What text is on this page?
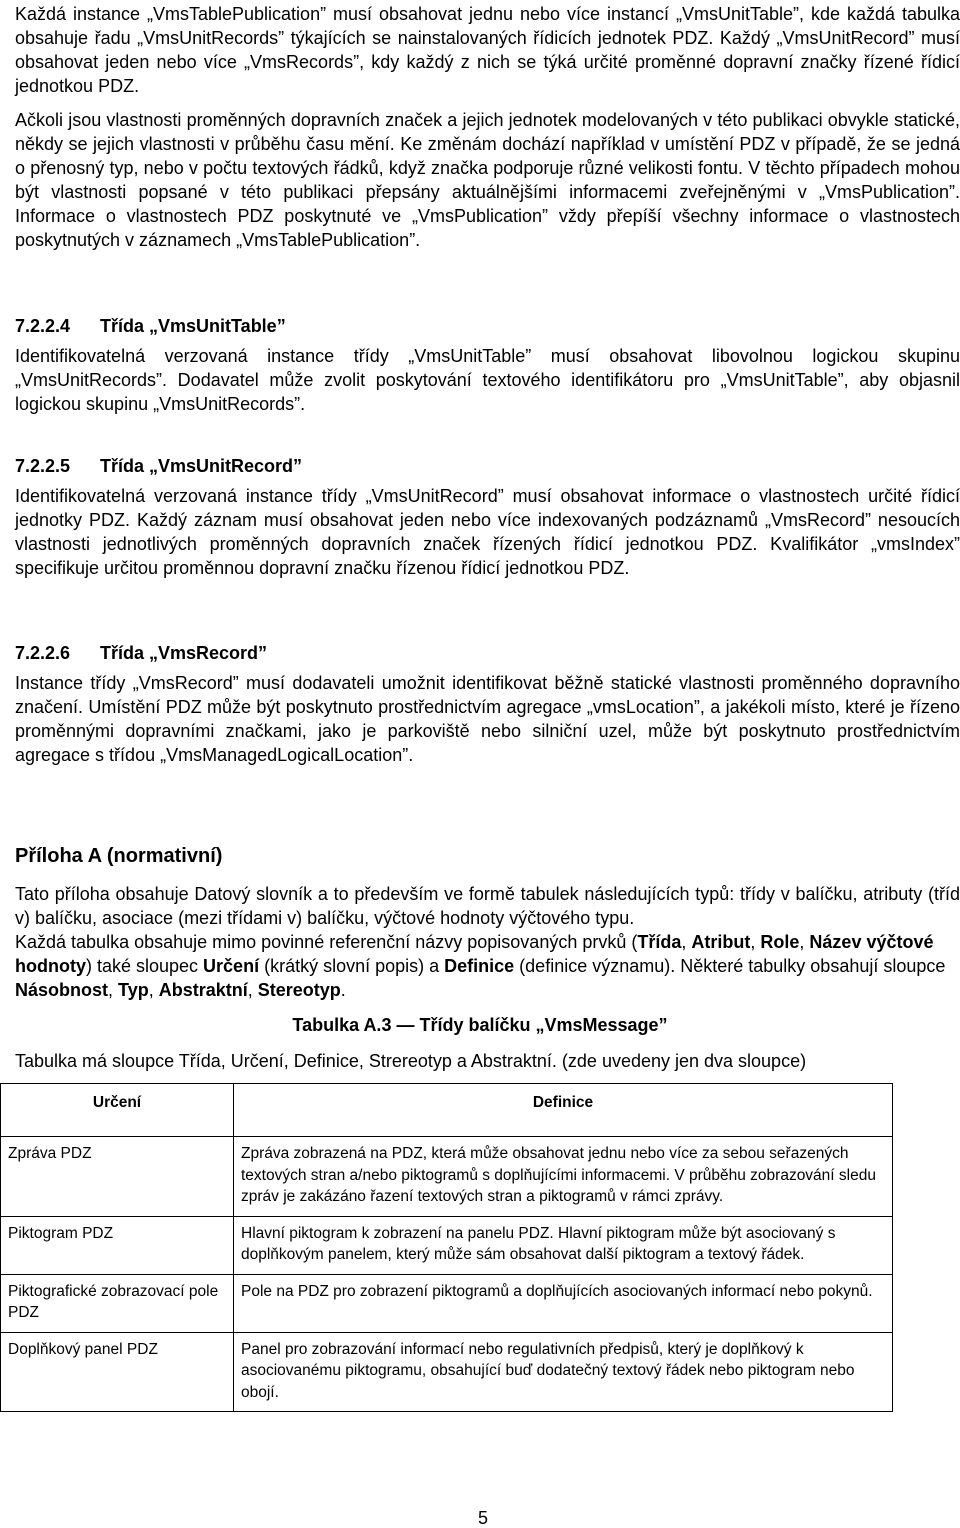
Každá instance „VmsTablePublication” musí obsahovat jednu nebo více instancí „VmsUnitTable”, kde každá tabulka obsahuje řadu „VmsUnitRecords” týkajících se nainstalovaných řídicích jednotek PDZ. Každý „VmsUnitRecord” musí obsahovat jeden nebo více „VmsRecords”, kdy každý z nich se týká určité proměnné dopravní značky řízené řídicí jednotkou PDZ.

Ačkoli jsou vlastnosti proměnných dopravních značek a jejich jednotek modelovaných v této publikaci obvykle statické, někdy se jejich vlastnosti v průběhu času mění. Ke změnám dochází například v umístění PDZ v případě, že se jedná o přenosný typ, nebo v počtu textových řádků, když značka podporuje různé velikosti fontu. V těchto případech mohou být vlastnosti popsané v této publikaci přepsány aktuálnějšími informacemi zveřejněnými v „VmsPublication”. Informace o vlastnostech PDZ poskytnuté ve „VmsPublication” vždy přepíší všechny informace o vlastnostech poskytnutých v záznamech „VmsTablePublication”.

7.2.2.4 Třída „VmsUnitTable”

Identifikovatelná verzovaná instance třídy „VmsUnitTable” musí obsahovat libovolnou logickou skupinu „VmsUnitRecords”. Dodavatel může zvolit poskytování textového identifikátoru pro „VmsUnitTable”, aby objasnil logickou skupinu „VmsUnitRecords”.

7.2.2.5 Třída „VmsUnitRecord”

Identifikovatelná verzovaná instance třídy „VmsUnitRecord” musí obsahovat informace o vlastnostech určité řídicí jednotky PDZ. Každý záznam musí obsahovat jeden nebo více indexovaných podzáznamů „VmsRecord” nesoucích vlastnosti jednotlivých proměnných dopravních značek řízených řídicí jednotkou PDZ. Kvalifikátor „vmsIndex” specifikuje určitou proměnnou dopravní značku řízenou řídicí jednotkou PDZ.

7.2.2.6 Třída „VmsRecord”

Instance třídy „VmsRecord” musí dodavateli umožnit identifikovat běžně statické vlastnosti proměnného dopravního značení. Umístění PDZ může být poskytnuto prostřednictvím agregace „vmsLocation”, a jakékoli místo, které je řízeno proměnnými dopravními značkami, jako je parkoviště nebo silniční uzel, může být poskytnuto prostřednictvím agregace s třídou „VmsManagedLogicalLocation”.

Příloha A (normativní)

Tato příloha obsahuje Datový slovník a to především ve formě tabulek následujících typů: třídy v balíčku, atributy (tříd v) balíčku, asociace (mezi třídami v) balíčku, výčtové hodnoty výčtového typu.

Každá tabulka obsahuje mimo povinné referenční názvy popisovaných prvků (Třída, Atribut, Role, Název výčtové hodnoty) také sloupec Určení (krátký slovní popis) a Definice (definice významu). Některé tabulky obsahují sloupce Násobnost, Typ, Abstraktní, Stereotyp.

Tabulka A.3 — Třídy balíčku „VmsMessage”

Tabulka má sloupce Třída, Určení, Definice, Strereotyp a Abstraktní. (zde uvedeny jen dva sloupce)

Určení	Definice
Zpráva PDZ	Zpráva zobrazená na PDZ, která může obsahovat jednu nebo více za sebou seřazených textových stran a/nebo piktogramů s doplňujícími informacemi. V průběhu zobrazování sledu zpráv je zakázáno řazení textových stran a piktogramů v rámci zprávy.
Piktogram PDZ	Hlavní piktogram k zobrazení na panelu PDZ. Hlavní piktogram může být asociovaný s doplňkovým panelem, který může sám obsahovat další piktogram a textový řádek.
Piktografické zobrazovací pole PDZ	Pole na PDZ pro zobrazení piktogramů a doplňujících asociovaných informací nebo pokynů.
Doplňkový panel PDZ	Panel pro zobrazování informací nebo regulativních předpisů, který je doplňkový k asociovanému piktogramu, obsahující buď dodatečný textový řádek nebo piktogram nebo obojí.

5
